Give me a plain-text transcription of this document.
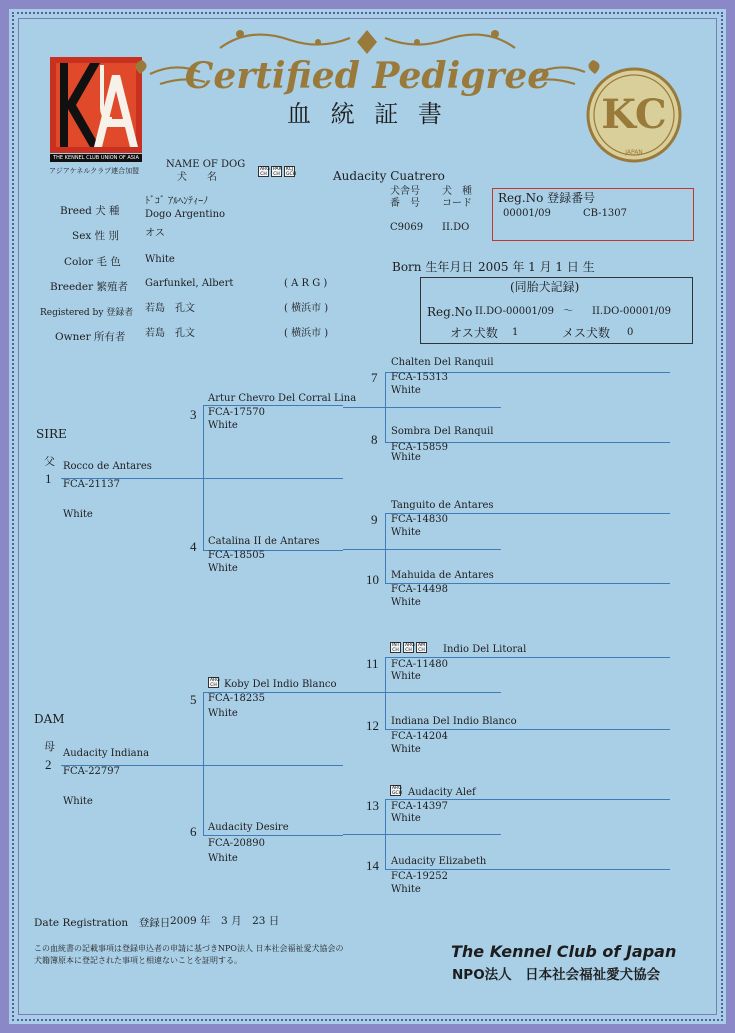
THE KENNEL CLUB UNION OF ASIA
アジアケネルクラブ連合加盟
Certified Pedigree
血 統 証 書	KC
JAPAN
NAME OF DOG
犬　　名
ARG CH
PAR CH
KCJ GCH	Audacity Cuatrero
犬舎号
番　号
犬　種
コード
C9069 II.DO
Reg.No 登録番号
00001/09	CB-1307
Breed 犬 種
ﾄﾞｺﾞ ｱﾙﾍﾝﾃｨｰﾉ
Dogo Argentino
Sex 性 別	オス
Color 毛 色 White
Born 生年月日 2005 年 1 月 1 日 生
Breeder 繁殖者 Garfunkel, Albert	( A R G )
Registered by 登録者 若島　孔文	( 横浜市 )
Owner 所有者 若島　孔文	( 横浜市 )
(同胎犬記録)
Reg.No II.DO-00001/09 ～ II.DO-00001/09
オス犬数 1	メス犬数 0
SIRE
父
DAM
母
1
Rocco de Antares
FCA-21137
White
2
Audacity Indiana
FCA-22797
White
3
Artur Chevro Del Corral Lina
FCA-17570
White
4 Catalina II de Antares
FCA-18505
White
5
ARG CH Koby Del Indio Blanco
FCA-18235
White
6 Audacity Desire
FCA-20890
White
7
Chalten Del Ranquil
FCA-15313
White
8
Sombra Del Ranquil
FCA-15859
White
9
Tanguito de Antares
FCA-14830
White
10 Mahuida de Antares
FCA-14498
White
11
INT CH
ARG CH
AM CH Indio Del Litoral
FCA-11480
White
12 Indiana Del Indio Blanco
FCA-14204
White
13
ARG GCH Audacity Alef
FCA-14397
White
14 Audacity Elizabeth
FCA-19252
White
Date Registration　登録日 2009 年　3 月　23 日
この血統書の記載事項は登録申込者の申請に基づきNPO法人 日本社会福祉愛犬協会の
犬籍簿原本に登記された事項と相違ないことを証明する。	The Kennel Club of Japan
NPO法人　日本社会福祉愛犬協会
